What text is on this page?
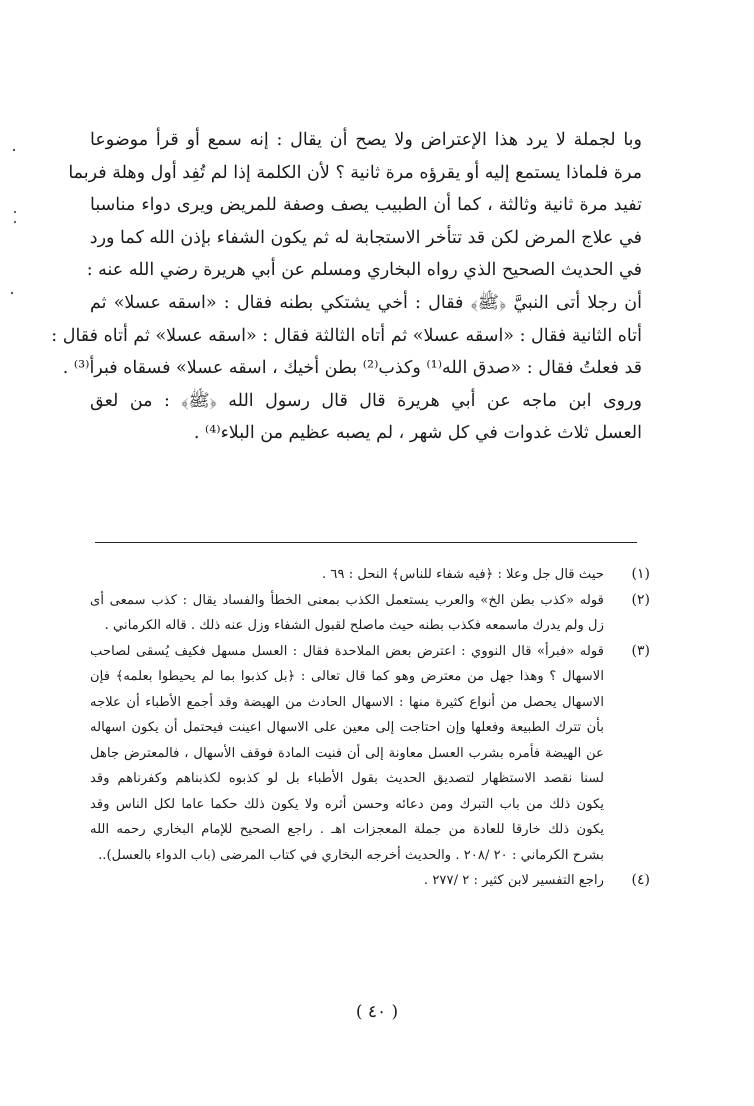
وبا لجملة لا يرد هذا الإعتراض ولا يصح أن يقال : إنه سمع أو قرأ موضوعا
مرة فلماذا يستمع إليه أو يقرؤه مرة ثانية ؟ لأن الكلمة إذا لم تُفِد أول وهلة فربما
تفيد مرة ثانية وثالثة ، كما أن الطبيب يصف وصفة للمريض ويرى دواء مناسبا
في علاج المرض لكن قد تتأخر الاستجابة له ثم يكون الشفاء بإذن الله كما ورد
في الحديث الصحيح الذي رواه البخاري ومسلم عن أبي هريرة رضي الله عنه :
أن رجلا أتى النبيَّ ﴿ﷺ﴾ فقال : أخي يشتكي بطنه فقال : «اسقه عسلا» ثم
أتاه الثانية فقال : «اسقه عسلا» ثم أتاه الثالثة فقال : «اسقه عسلا» ثم أتاه فقال :
قد فعلتُ فقال : «صدق الله⁽¹⁾ وكذب⁽²⁾ بطن أخيك ، اسقه عسلا» فسقاه فبرأ⁽³⁾ .
وروى ابن ماجه عن أبي هريرة قال قال رسول الله ﴿ﷺ﴾ : من لعق
العسل ثلاث غدوات في كل شهر ، لم يصبه عظيم من البلاء⁽⁴⁾ .
(١)
حيث قال جل وعلا : ﴿فيه شفاء للناس﴾ النحل : ٦٩ .
(٢)
قوله «كذب بطن الخ» والعرب يستعمل الكذب بمعنى الخطأ والفساد يقال : كذب سمعى أى
زل ولم يدرك ماسمعه فكذب بطنه حيث ماصلح لقبول الشفاء وزل عنه ذلك . قاله الكرماني .
(٣)
قوله «فبرأ» قال النووي : اعترض بعض الملاحدة فقال : العسل مسهل فكيف يُسقى لصاحب
الاسهال ؟ وهذا جهل من معترض وهو كما قال تعالى : ﴿بل كذبوا بما لم يحيطوا بعلمه﴾ فإن
الاسهال يحصل من أنواع كثيرة منها : الاسهال الحادث من الهيضة وقد أجمع الأطباء أن علاجه
بأن تترك الطبيعة وفعلها وإن احتاجت إلى معين على الاسهال اعينت فيحتمل أن يكون اسهاله
عن الهيضة فأمره بشرب العسل معاونة إلى أن فنيت المادة فوقف الأسهال ، فالمعترض جاهل
لسنا نقصد الاستظهار لتصديق الحديث بقول الأطباء بل لو كذبوه لكذبناهم وكفرناهم وقد
يكون ذلك من باب التبرك ومن دعائه وحسن أثره ولا يكون ذلك حكما عاما لكل الناس وقد
يكون ذلك خارقا للعادة من جملة المعجزات اهـ . راجع الصحيح للإمام البخاري رحمه الله
بشرح الكرماني : ٢٠ /٢٠٨ . والحديث أخرجه البخاري في كتاب المرضى (باب الدواء بالعسل)..
(٤)
راجع التفسير لابن كثير : ٢ /٢٧٧ .
( ٤٠ )
